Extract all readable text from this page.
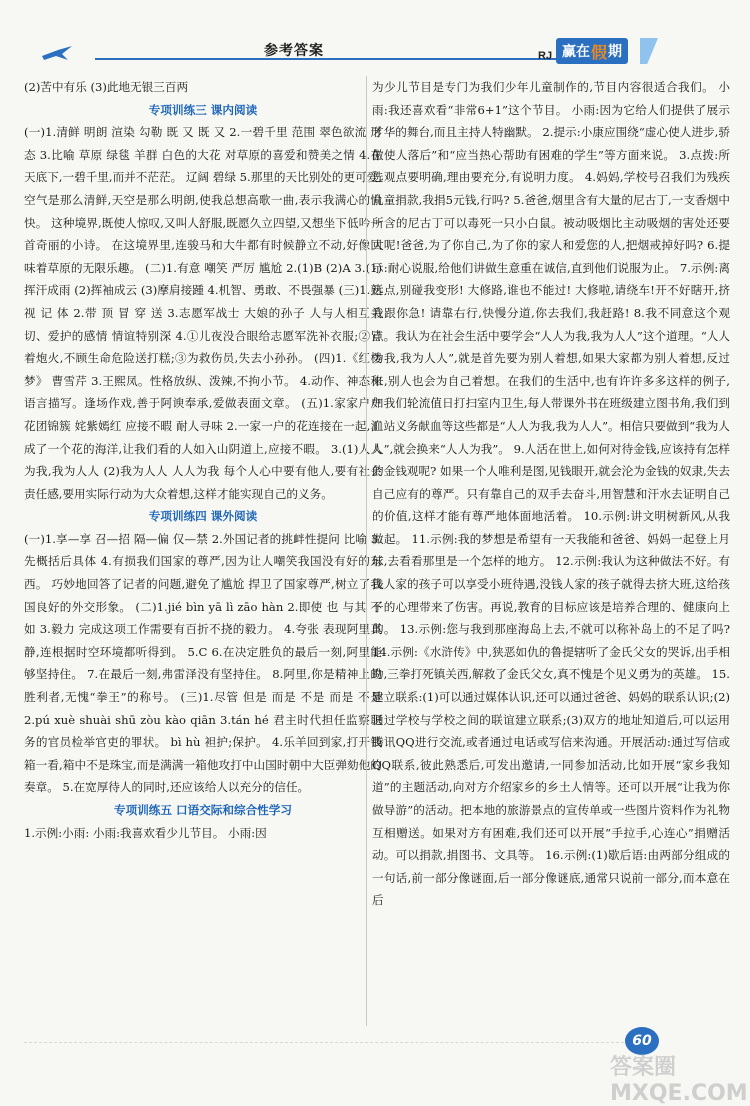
参考答案	RJ 赢在 假 期

(2)苦中有乐 (3)此地无银三百两

专项训练三 课内阅读

(一)1.清鲜 明朗 渲染 勾勒 既 又 既 又 2.一碧千里 范围 翠色欲流 形态 3.比喻 草原 绿毯 羊群 白色的大花 对草原的喜爱和赞美之情 4.在天底下,一碧千里,而并不茫茫。 辽阔 碧绿 5.那里的天比别处的更可爱,空气是那么清鲜,天空是那么明朗,使我总想高歌一曲,表示我满心的愉快。 这种境界,既使人惊叹,又叫人舒服,既愿久立四望,又想坐下低吟一首奇丽的小诗。 在这境界里,连骏马和大牛都有时候静立不动,好像回味着草原的无限乐趣。 (二)1.有意 嘲笑 严厉 尴尬 2.(1)B (2)A 3.(1)挥汗成雨 (2)挥袖成云 (3)摩肩接踵 4.机智、勇敢、不畏强暴 (三)1.熟 视 记 体 2.带 顶 冒 穿 送 3.志愿军战士 大娘的孙子 人与人相互关切、爱护的感情 情谊特别深 4.①儿夜没合眼给志愿军洗补衣服;②冒着炮火,不顾生命危险送打糕;③为救伤员,失去小孙孙。 (四)1.《红楼梦》 曹雪芹 3.王熙凤。性格放纵、泼辣,不拘小节。 4.动作、神态和语言描写。逢场作戏,善于阿谀奉承,爱做表面文章。 (五)1.家家户户 花团锦簇 姹紫嫣红 应接不暇 耐人寻味 2.一家一户的花连接在一起,汇成了一个花的海洋,让我们看的人如入山阴道上,应接不暇。 3.(1)人人为我,我为人人 (2)我为人人 人人为我 每个人心中要有他人,要有社会责任感,要用实际行动为大众着想,这样才能实现自己的义务。

专项训练四 课外阅读

(一)1.享—享 召—招 隔—偏 仅—禁 2.外国记者的挑衅性提问 比喻 3.先概括后具体 4.有损我们国家的尊严,因为让人嘲笑我国没有好的东西。 巧妙地回答了记者的问题,避免了尴尬 捍卫了国家尊严,树立了我国良好的外交形象。 (二)1.jié bìn yā lì zāo hàn 2.即使 也 与其 不如 3.毅力 完成这项工作需要有百折不挠的毅力。 4.夸张 表现阿里真静,连根据时空环境都听得到。 5.C 6.在决定胜负的最后一刻,阿里能够坚持住。 7.在最后一刻,弗雷泽没有坚持住。 8.阿里,你是精神上的胜利者,无愧“拳王”的称号。 (三)1.尽管 但是 而是 不是 而是 不是 2.pú xuè shuài shū zòu kào qiān 3.tán hé 君主时代担任监察职务的官员检举官吏的罪状。 bì hù 袒护;保护。 4.乐羊回到家,打开钱箱一看,箱中不是珠宝,而是满满一箱他攻打中山国时朝中大臣弹劾他的奏章。 5.在宽厚待人的同时,还应该给人以充分的信任。

专项训练五 口语交际和综合性学习

1.示例:小雨: 小雨:我喜欢看少儿节目。 小雨:因

为少儿节目是专门为我们少年儿童制作的,节目内容很适合我们。 小雨:我还喜欢看“非常6+1”这个节目。 小雨:因为它给人们提供了展示才华的舞台,而且主持人特幽默。 2.提示:小康应围绕“虚心使人进步,骄傲使人落后”和“应当热心帮助有困难的学生”等方面来说。 3.点拨:所选观点要明确,理由要充分,有说明力度。 4.妈妈,学校号召我们为残疾儿童捐款,我捐5元钱,行吗? 5.爸爸,烟里含有大量的尼古丁,一支香烟中所含的尼古丁可以毒死一只小白鼠。被动吸烟比主动吸烟的害处还要大呢!爸爸,为了你自己,为了你的家人和爱您的人,把烟戒掉好吗? 6.提示:耐心说服,给他们讲做生意重在诚信,直到他们说服为止。 7.示例:离远点,别碰我变形! 大修路,谁也不能过! 大修啦,请绕车!开不好瞎开,挤我跟你急! 请靠右行,快慢分道,你去我们,我赶路! 8.我不同意这个观点。我认为在社会生活中要学会“人人为我,我为人人”这个道理。“人人为我,我为人人”,就是首先要为别人着想,如果大家都为别人着想,反过来,别人也会为自己着想。在我们的生活中,也有许许多多这样的例子,如我们轮流值日打扫室内卫生,每人带课外书在班级建立图书角,我们到血站义务献血等这些都是“人人为我,我为人人”。相信只要做到“我为人人”,就会换来“人人为我”。 9.人活在世上,如何对待金钱,应该持有怎样的金钱观呢? 如果一个人唯利是图,见钱眼开,就会沦为金钱的奴隶,失去自己应有的尊严。只有靠自己的双手去奋斗,用智慧和汗水去证明自己的价值,这样才能有尊严地体面地活着。 10.示例:讲文明树新风,从我做起。 11.示例:我的梦想是希望有一天我能和爸爸、妈妈一起登上月球,去看看那里是一个怎样的地方。 12.示例:我认为这种做法不好。有钱人家的孩子可以享受小班待遇,没钱人家的孩子就得去挤大班,这给孩子的心理带来了伤害。再说,教育的目标应该是培养合理的、健康向上的。 13.示例:您与我到那座海岛上去,不就可以称补岛上的不足了吗? 14.示例:《水浒传》中,狭恶如仇的鲁提辖听了金氏父女的哭诉,出手相助,三拳打死镇关西,解救了金氏父女,真不愧是个见义勇为的英雄。 15.建立联系:(1)可以通过媒体认识,还可以通过爸爸、妈妈的联系认识;(2)通过学校与学校之间的联谊建立联系;(3)双方的地址知道后,可以运用腾讯QQ进行交流,或者通过电话或写信来沟通。开展活动:通过写信或QQ联系,彼此熟悉后,可发出邀请,一同参加活动,比如开展“家乡我知道”的主题活动,向对方介绍家乡的乡土人情等。还可以开展“让我为你做导游”的活动。把本地的旅游景点的宣传单或一些图片资料作为礼物互相赠送。如果对方有困难,我们还可以开展“手拉手,心连心”捐赠活动。可以捐款,捐图书、文具等。 16.示例:(1)歇后语:由两部分组成的一句话,前一部分像谜面,后一部分像谜底,通常只说前一部分,而本意在后

60
答案圈 MXQE.COM
